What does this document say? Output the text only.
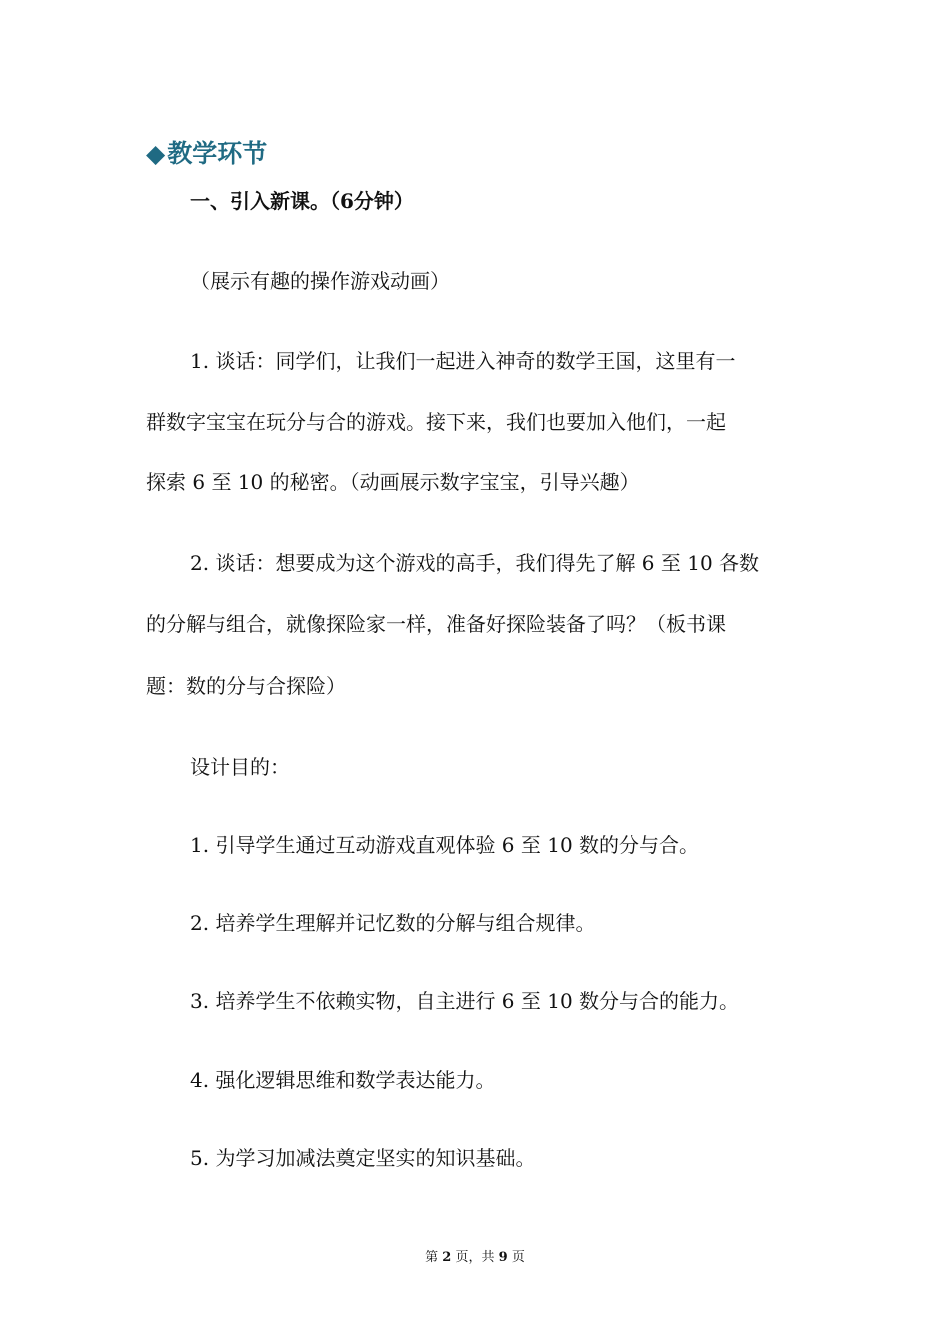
◆教学环节
一、引入新课。（6分钟）
（展示有趣的操作游戏动画）
1. 谈话：同学们，让我们一起进入神奇的数学王国，这里有一
群数字宝宝在玩分与合的游戏。接下来，我们也要加入他们，一起
探索 6 至 10 的秘密。（动画展示数字宝宝，引导兴趣）
2. 谈话：想要成为这个游戏的高手，我们得先了解 6 至 10 各数
的分解与组合，就像探险家一样，准备好探险装备了吗？（板书课
题：数的分与合探险）
设计目的：
1. 引导学生通过互动游戏直观体验 6 至 10 数的分与合。
2. 培养学生理解并记忆数的分解与组合规律。
3. 培养学生不依赖实物，自主进行 6 至 10 数分与合的能力。
4. 强化逻辑思维和数学表达能力。
5. 为学习加减法奠定坚实的知识基础。
第 2 页，共 9 页
